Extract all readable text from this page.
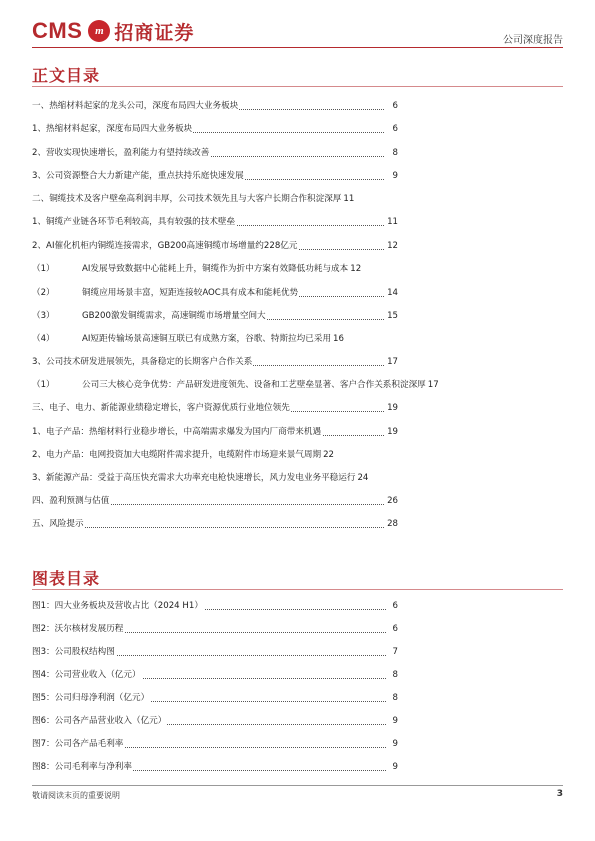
CMS	m 招商证券	公司深度报告
正文目录
一、热缩材料起家的龙头公司，深度布局四大业务板块	6
1、热缩材料起家，深度布局四大业务板块	6
2、营收实现快速增长，盈利能力有望持续改善	8
3、公司资源整合大力新建产能，重点扶持乐庭快速发展	9
二、铜缆技术及客户壁垒高利润丰厚，公司技术领先且与大客户长期合作积淀深厚 11
1、铜缆产业链各环节毛利较高，具有较强的技术壁垒	11
2、AI催化机柜内铜缆连接需求，GB200高速铜缆市场增量约228亿元	12
（1）	AI发展导致数据中心能耗上升，铜缆作为折中方案有效降低功耗与成本 12
（2）	铜缆应用场景丰富，短距连接较AOC具有成本和能耗优势	14
（3）	GB200激发铜缆需求，高速铜缆市场增量空间大	15
（4）	AI短距传输场景高速铜互联已有成熟方案，谷歌、特斯拉均已采用 16
3、公司技术研发进展领先，具备稳定的长期客户合作关系	17
（1）	公司三大核心竞争优势：产品研发进度领先、设备和工艺壁垒显著、客户合作关系积淀深厚 17
三、电子、电力、新能源业绩稳定增长，客户资源优质行业地位领先	19
1、电子产品：热缩材料行业稳步增长，中高端需求爆发为国内厂商带来机遇	19
2、电力产品：电网投资加大电缆附件需求提升，电缆附件市场迎来景气周期 22
3、新能源产品：受益于高压快充需求大功率充电枪快速增长，风力发电业务平稳运行 24
四、盈利预测与估值	26
五、风险提示	28
图表目录
图1：四大业务板块及营收占比（2024 H1）	6
图2：沃尔核材发展历程	6
图3：公司股权结构图	7
图4：公司营业收入（亿元）	8
图5：公司归母净利润（亿元）	8
图6：公司各产品营业收入（亿元）	9
图7：公司各产品毛利率	9
图8：公司毛利率与净利率	9
敬请阅读末页的重要说明	3
